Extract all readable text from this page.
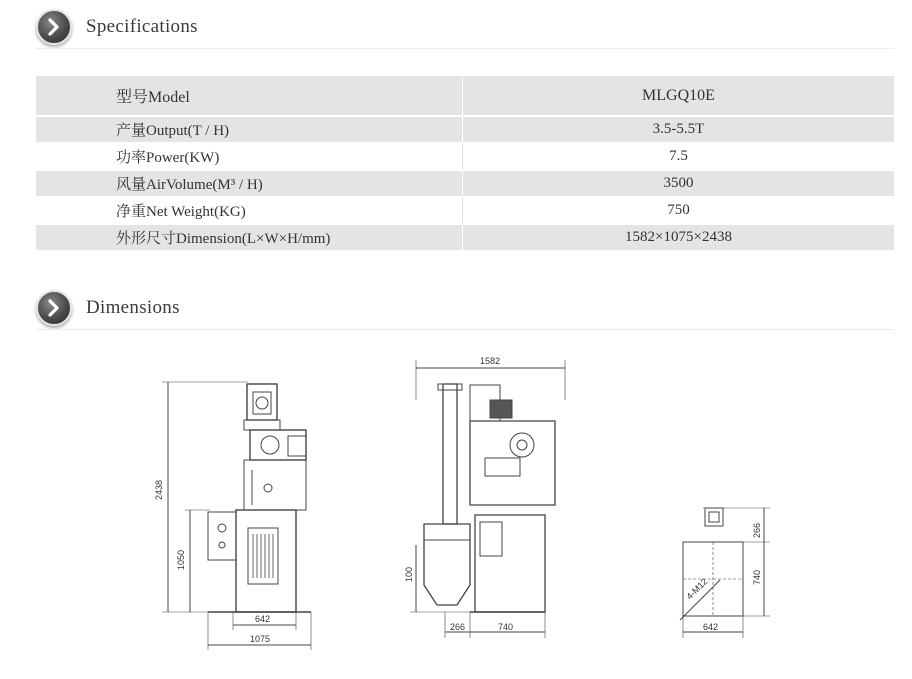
Specifications
型号Model	MLGQ10E
产量Output(T / H)	3.5-5.5T
功率Power(KW)	7.5
风量AirVolume(M³ / H)	3500
净重Net Weight(KG)	750
外形尺寸Dimension(L×W×H/mm)	1582×1075×2438
Dimensions
2438
1050
642
1075
1582
100
266	740
266
740
4-M12
642
